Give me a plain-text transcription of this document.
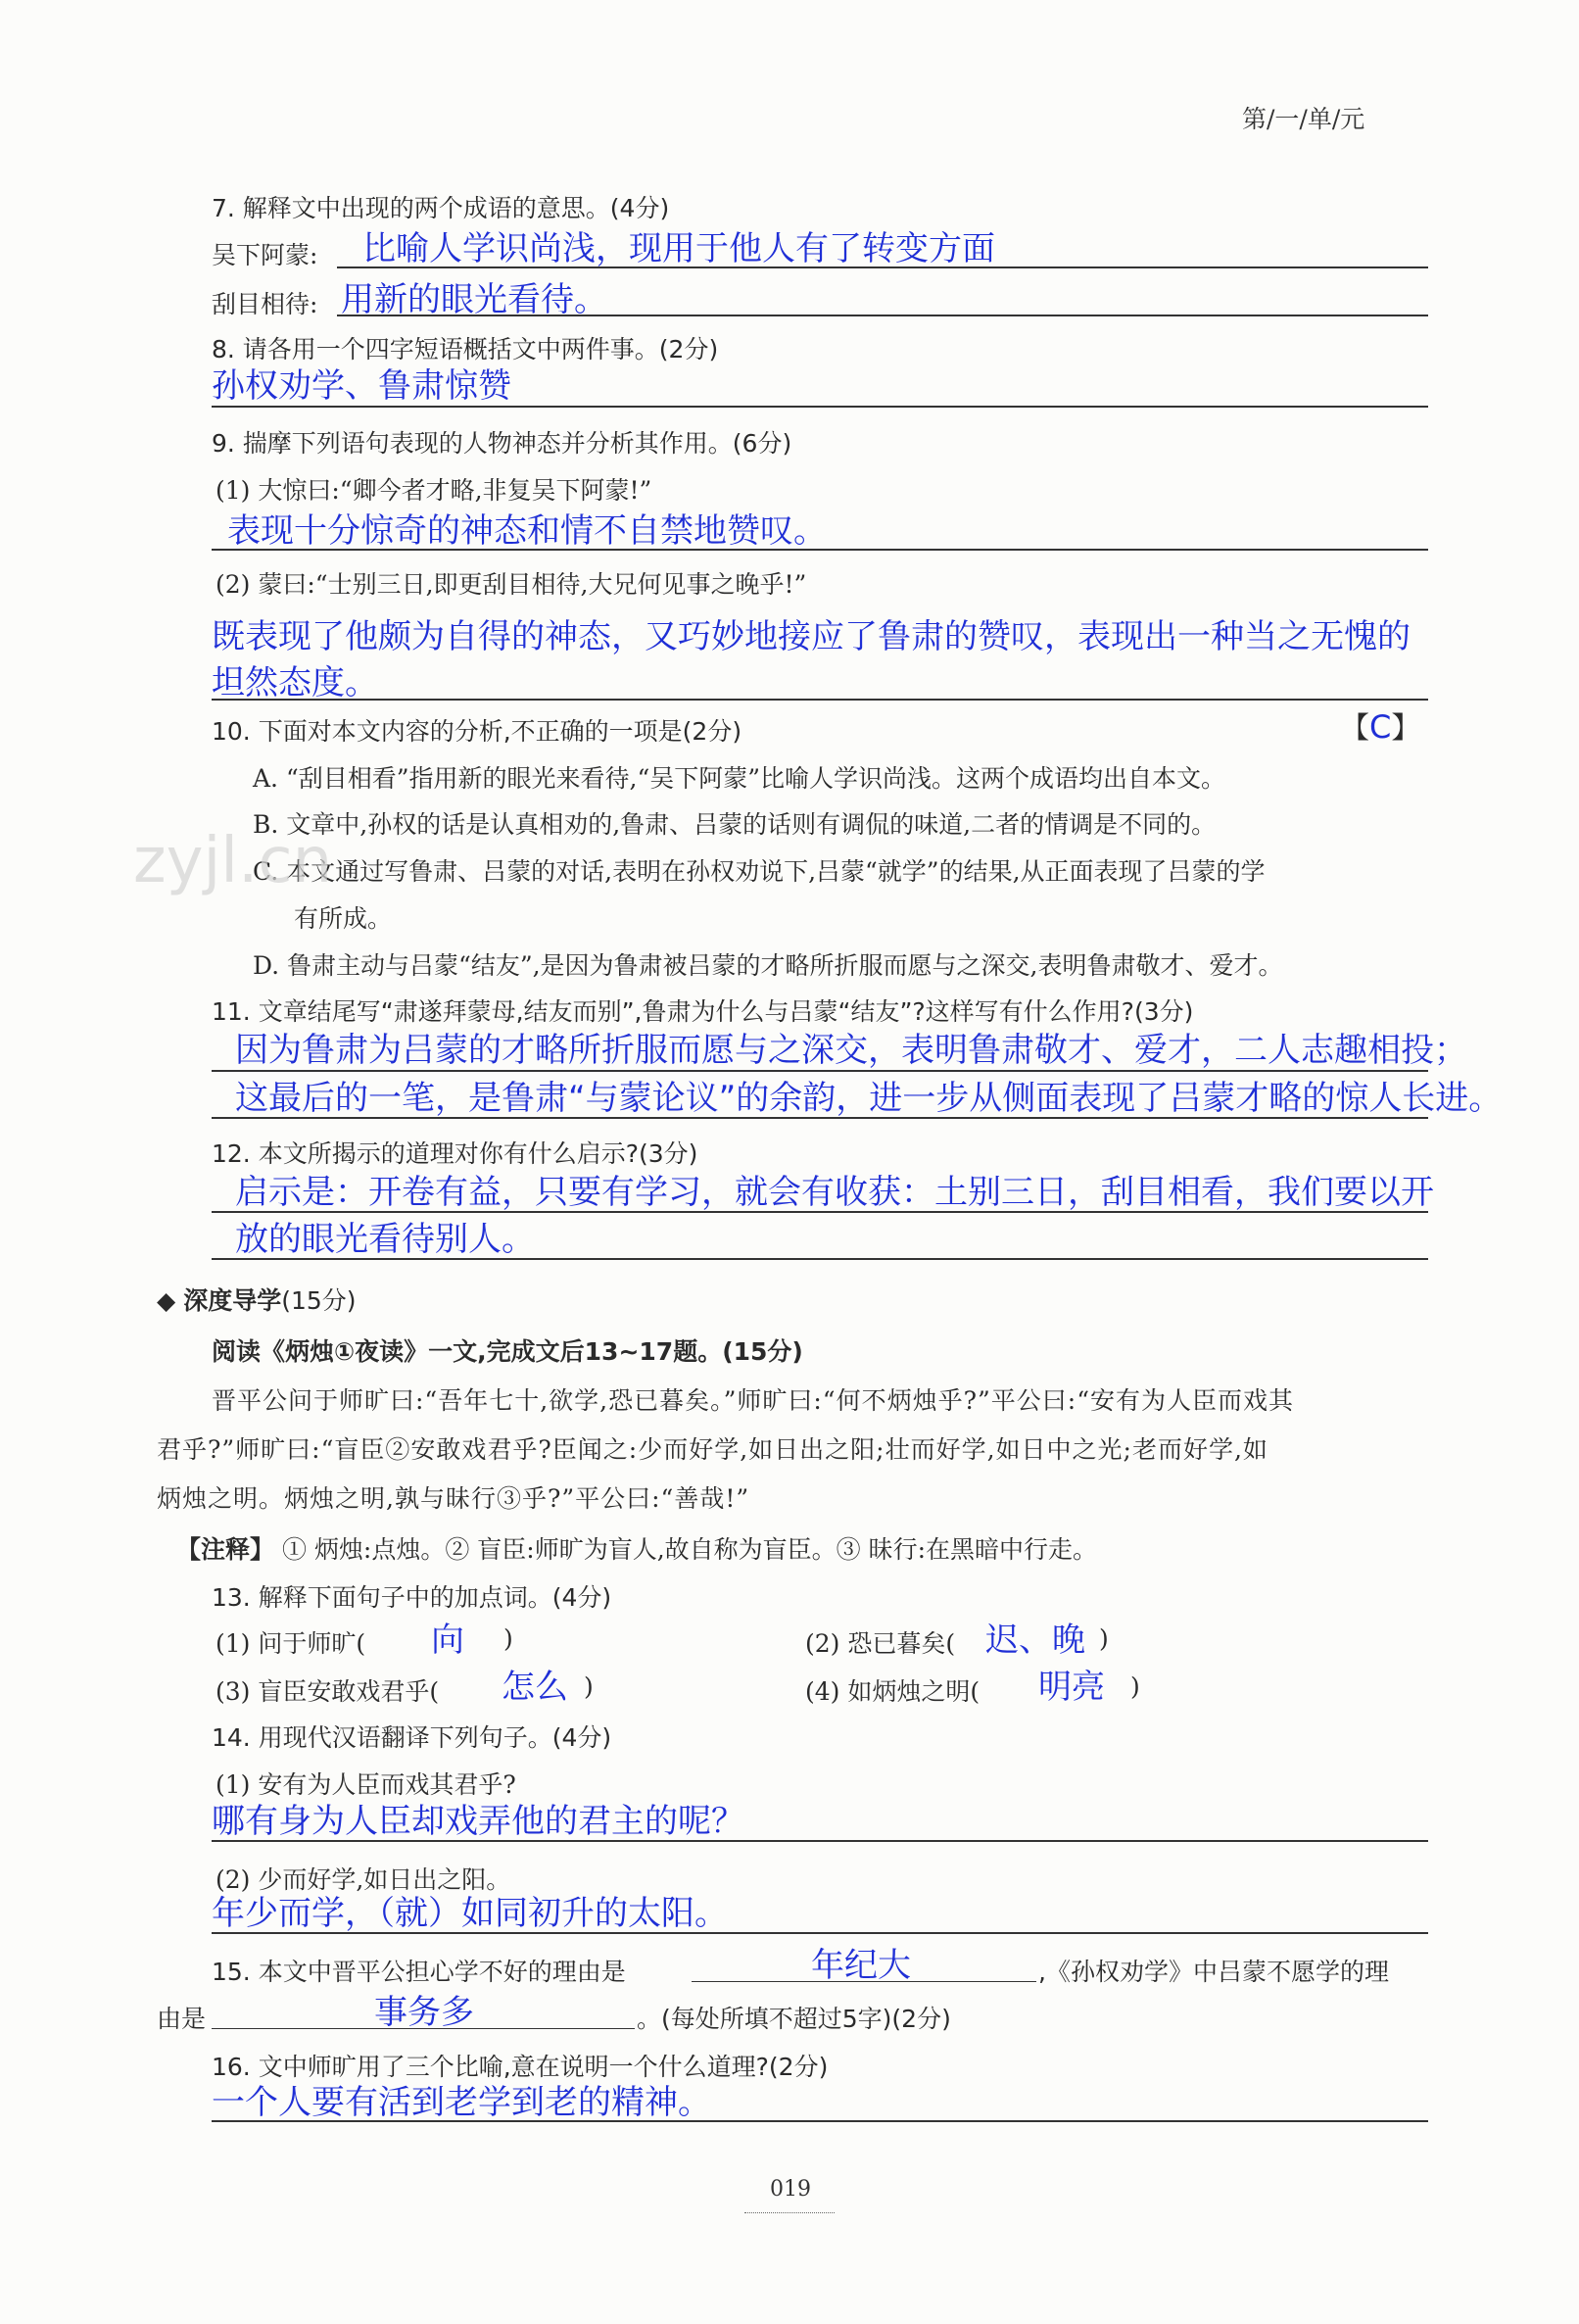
第/一/单/元
7. 解释文中出现的两个成语的意思。(4分)
吴下阿蒙: 比喻人学识尚浅，现用于他人有了转变方面
刮目相待: 用新的眼光看待。
8. 请各用一个四字短语概括文中两件事。(2分)
孙权劝学、鲁肃惊赞
9. 揣摩下列语句表现的人物神态并分析其作用。(6分)
(1) 大惊曰:“卿今者才略,非复吴下阿蒙!”
表现十分惊奇的神态和情不自禁地赞叹。
(2) 蒙曰:“士别三日,即更刮目相待,大兄何见事之晚乎!”
既表现了他颇为自得的神态，又巧妙地接应了鲁肃的赞叹，表现出一种当之无愧的
坦然态度。
10. 下面对本文内容的分析,不正确的一项是(2分)	【C】
A. “刮目相看”指用新的眼光来看待,“吴下阿蒙”比喻人学识尚浅。这两个成语均出自本文。
B. 文章中,孙权的话是认真相劝的,鲁肃、吕蒙的话则有调侃的味道,二者的情调是不同的。
C. 本文通过写鲁肃、吕蒙的对话,表明在孙权劝说下,吕蒙“就学”的结果,从正面表现了吕蒙的学
有所成。
D. 鲁肃主动与吕蒙“结友”,是因为鲁肃被吕蒙的才略所折服而愿与之深交,表明鲁肃敬才、爱才。
zyjl.cn
11. 文章结尾写“肃遂拜蒙母,结友而别”,鲁肃为什么与吕蒙“结友”?这样写有什么作用?(3分)
因为鲁肃为吕蒙的才略所折服而愿与之深交，表明鲁肃敬才、爱才，二人志趣相投；
这最后的一笔，是鲁肃“与蒙论议”的余韵，进一步从侧面表现了吕蒙才略的惊人长进。
12. 本文所揭示的道理对你有什么启示?(3分)
启示是：开卷有益，只要有学习，就会有收获：土别三日，刮目相看，我们要以开
放的眼光看待别人。
◆ 深度导学(15分)
阅读《炳烛①夜读》一文,完成文后13~17题。(15分)
晋平公问于师旷曰:“吾年七十,欲学,恐已暮矣。”师旷曰:“何不炳烛乎?”平公曰:“安有为人臣而戏其
君乎?”师旷曰:“盲臣②安敢戏君乎?臣闻之:少而好学,如日出之阳;壮而好学,如日中之光;老而好学,如
炳烛之明。炳烛之明,孰与昧行③乎?”平公曰:“善哉!”
【注释】 ① 炳烛:点烛。② 盲臣:师旷为盲人,故自称为盲臣。③ 昧行:在黑暗中行走。
13. 解释下面句子中的加点词。(4分)
(1) 问于师旷( 向 )	(2) 恐已暮矣( 迟、晚 )
(3) 盲臣安敢戏君乎( 怎么 )	(4) 如炳烛之明( 明亮 )
14. 用现代汉语翻译下列句子。(4分)
(1) 安有为人臣而戏其君乎?
哪有身为人臣却戏弄他的君主的呢？
(2) 少而好学,如日出之阳。
年少而学，（就）如同初升的太阳。
15. 本文中晋平公担心学不好的理由是	年纪大	,《孙权劝学》中吕蒙不愿学的理
由是	事务多	。(每处所填不超过5字)(2分)
16. 文中师旷用了三个比喻,意在说明一个什么道理?(2分)
一个人要有活到老学到老的精神。
019
